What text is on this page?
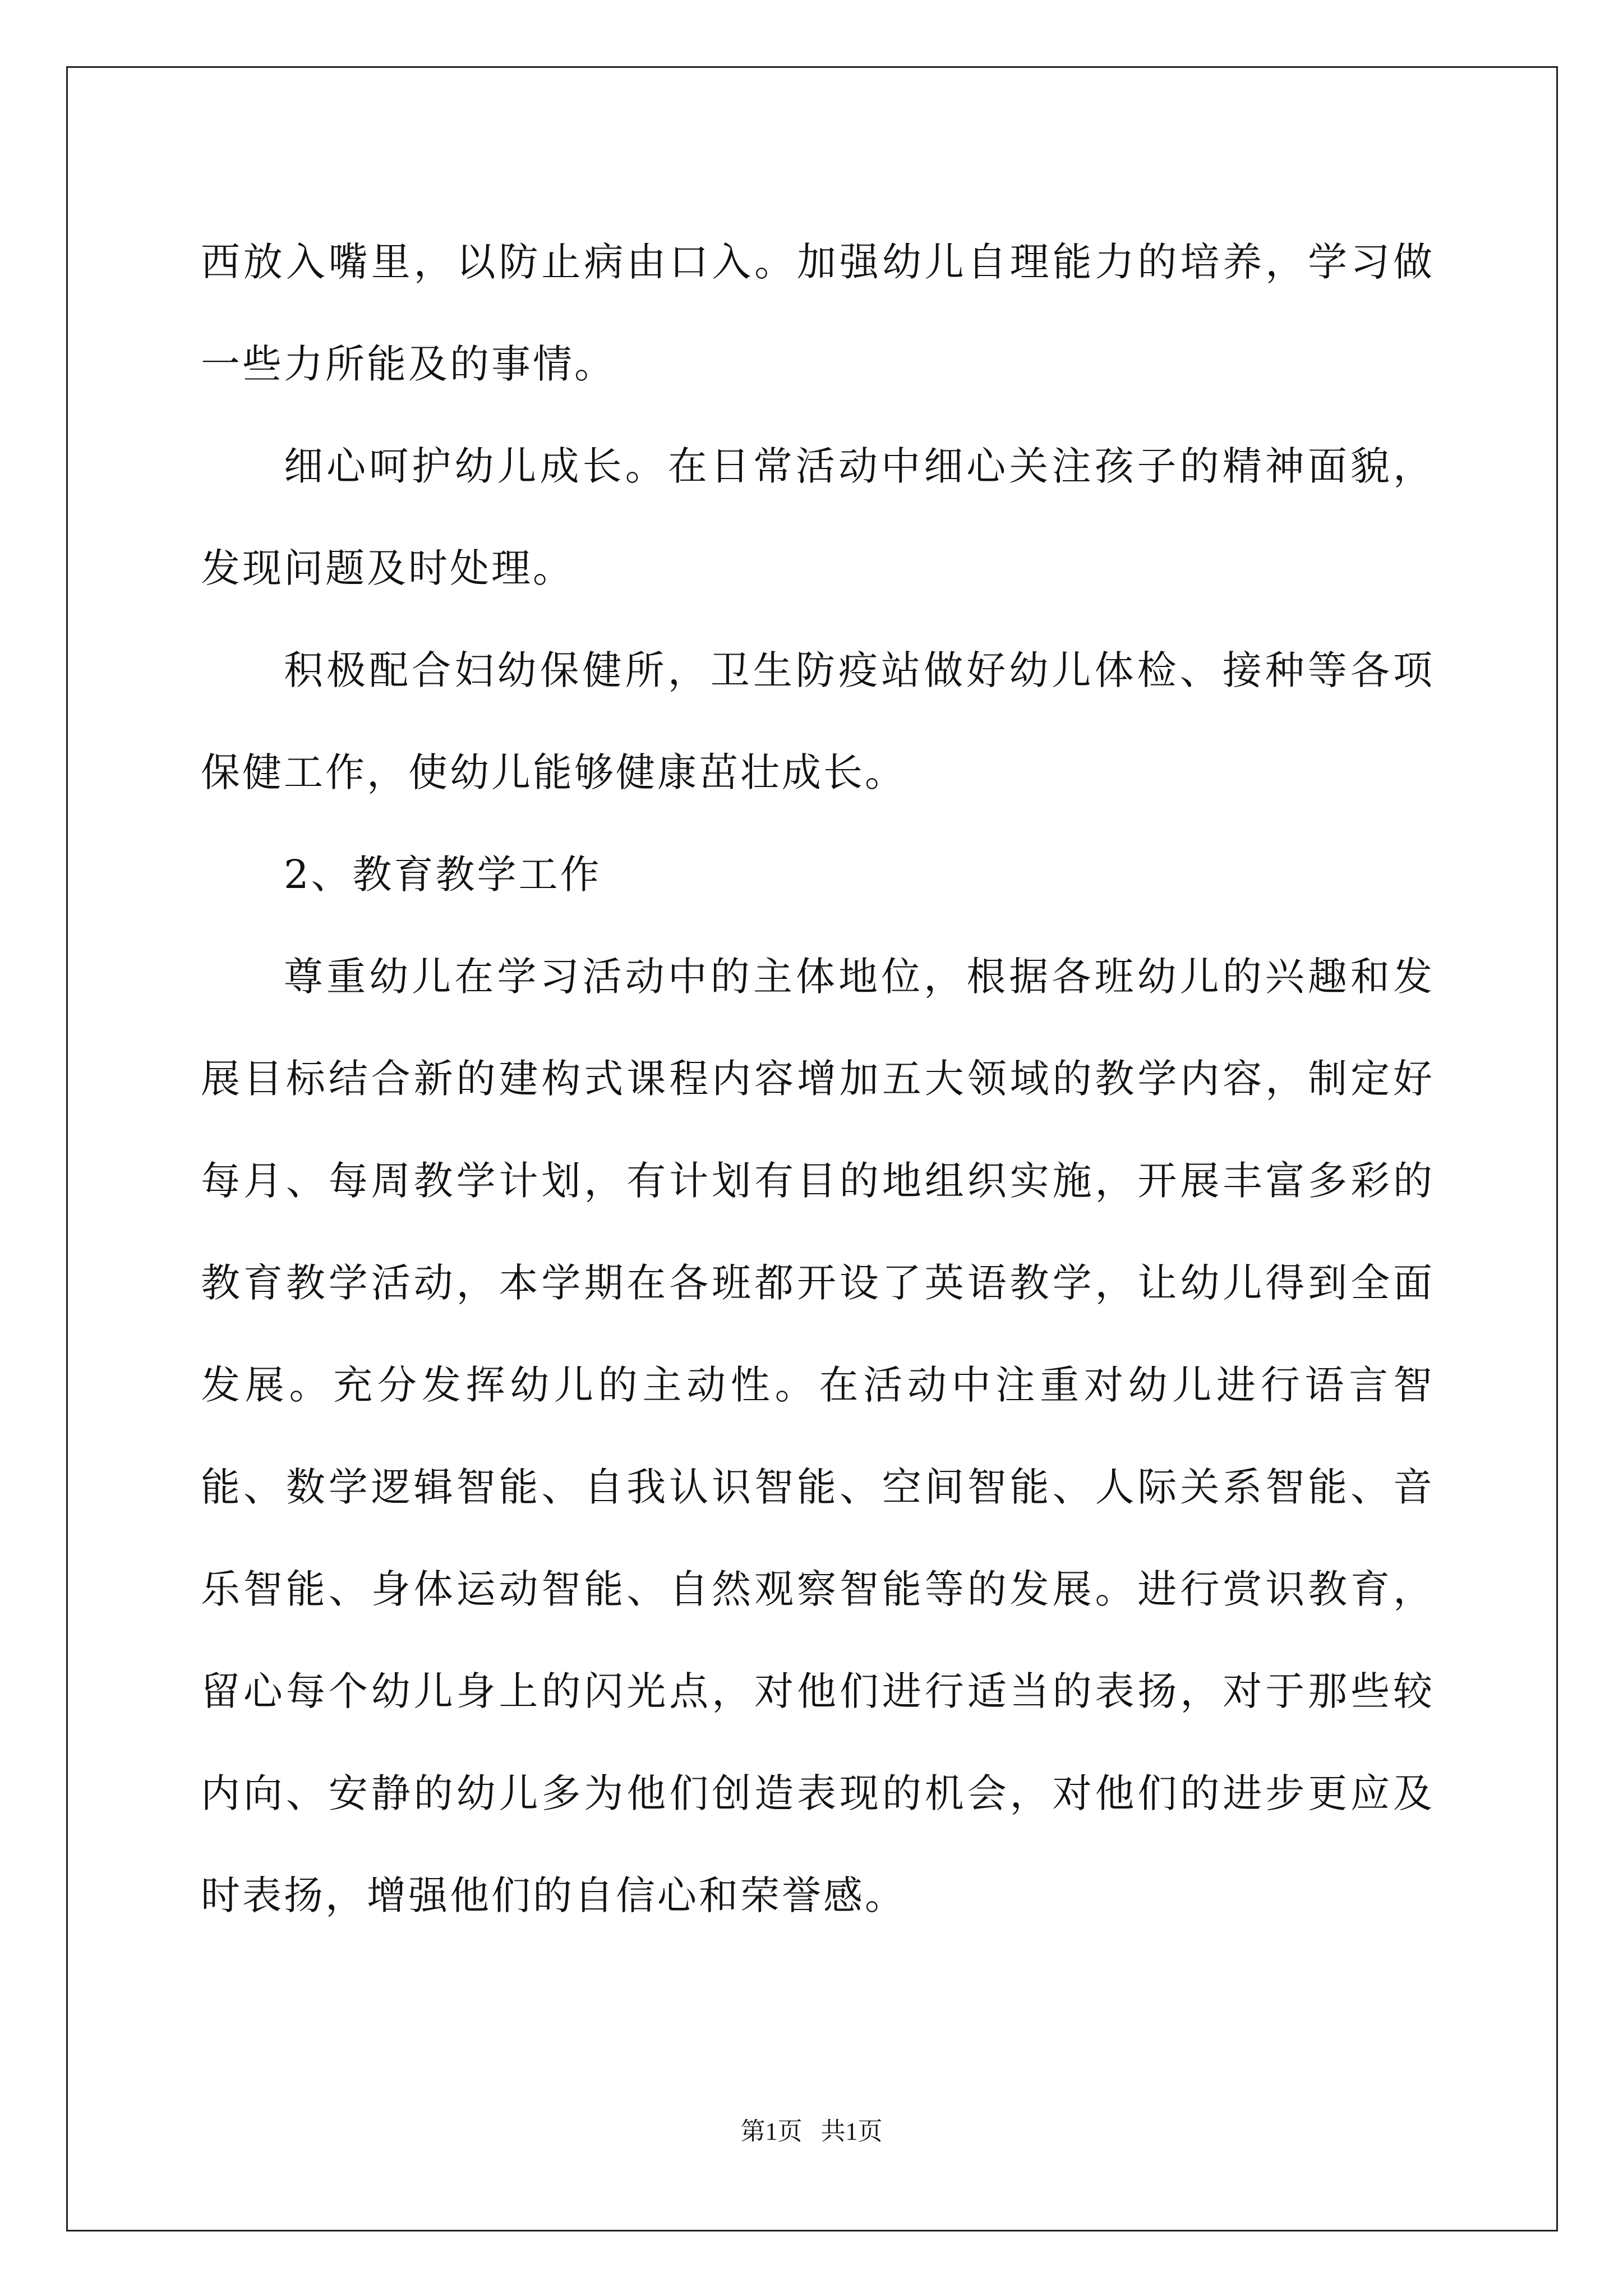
西放入嘴里，以防止病由口入。加强幼儿自理能力的培养，学习做一些力所能及的事情。

细心呵护幼儿成长。在日常活动中细心关注孩子的精神面貌，发现问题及时处理。

积极配合妇幼保健所，卫生防疫站做好幼儿体检、接种等各项保健工作，使幼儿能够健康茁壮成长。

2、教育教学工作

尊重幼儿在学习活动中的主体地位，根据各班幼儿的兴趣和发展目标结合新的建构式课程内容增加五大领域的教学内容，制定好每月、每周教学计划，有计划有目的地组织实施，开展丰富多彩的教育教学活动，本学期在各班都开设了英语教学，让幼儿得到全面发展。充分发挥幼儿的主动性。在活动中注重对幼儿进行语言智能、数学逻辑智能、自我认识智能、空间智能、人际关系智能、音乐智能、身体运动智能、自然观察智能等的发展。进行赏识教育，留心每个幼儿身上的闪光点，对他们进行适当的表扬，对于那些较内向、安静的幼儿多为他们创造表现的机会，对他们的进步更应及时表扬，增强他们的自信心和荣誉感。

第1页 共1页
